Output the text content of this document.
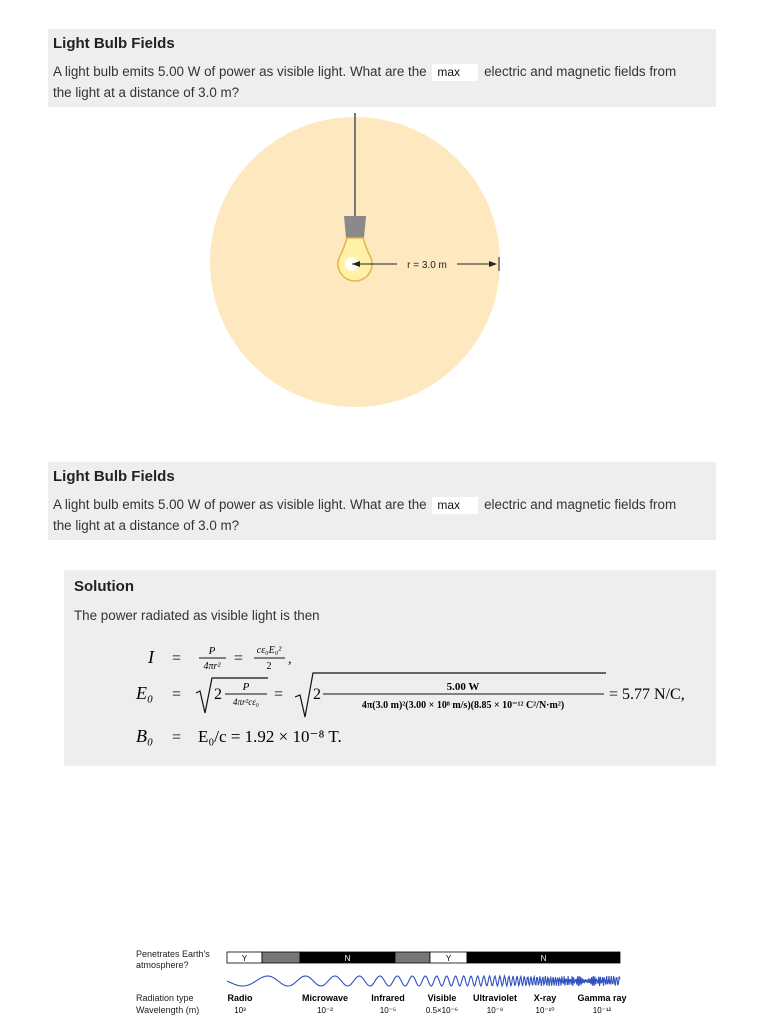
Light Bulb Fields
A light bulb emits 5.00 W of power as visible light. What are the max electric and magnetic fields from
the light at a distance of 3.0 m?
r = 3.0 m
Light Bulb Fields
A light bulb emits 5.00 W of power as visible light. What are the max electric and magnetic fields from
the light at a distance of 3.0 m?
Solution
The power radiated as visible light is then
I =	P
4πr² = cε₀E₀²
2 ,
E₀ = 2 P
4πr²cε₀ = 2	5.00 W
4π(3.0 m)²(3.00 × 10⁸ m/s)(8.85 × 10⁻¹² C²/N·m²)
= 5.77 N/C,
B₀ = E₀/c = 1.92 × 10⁻⁸ T.
Penetrates Earth's
atmosphere?
Y	N	Y	N
Radiation type
Wavelength (m)
Radio	Microwave	Infrared	Visible Ultraviolet X-ray Gamma ray
10³	10⁻²	10⁻⁵	0.5×10⁻⁶	10⁻⁸	10⁻¹⁰	10⁻¹²
